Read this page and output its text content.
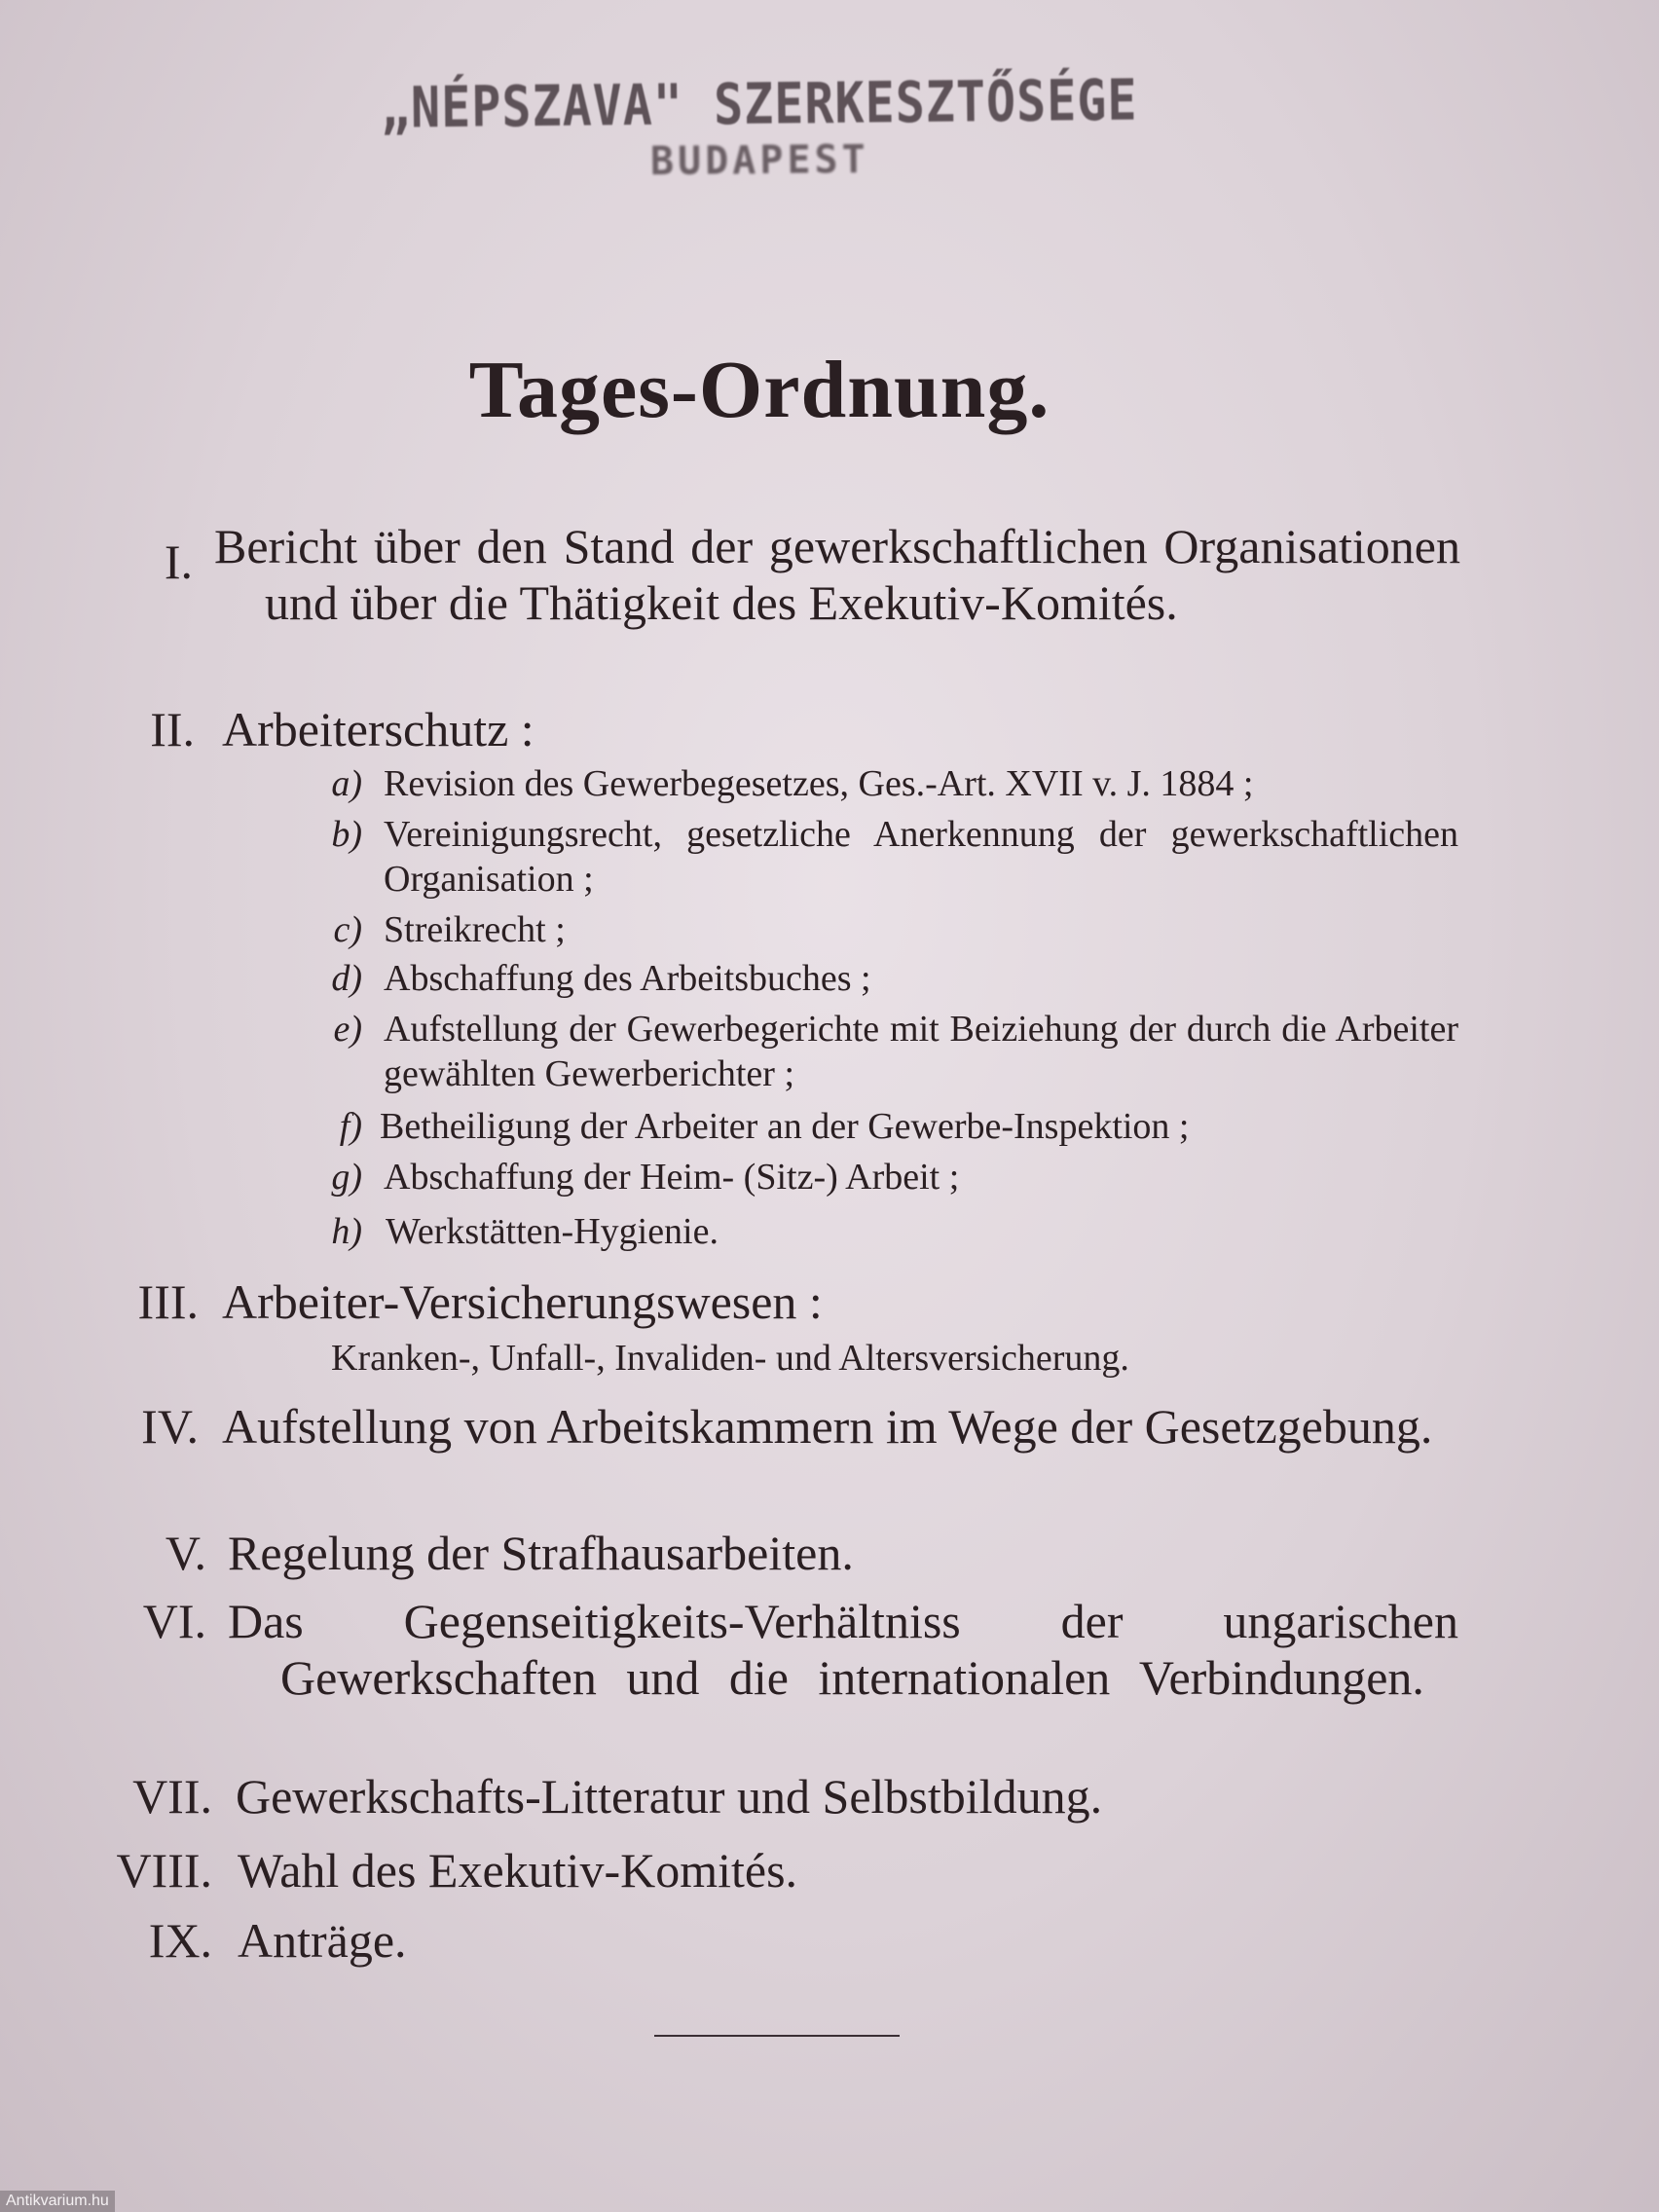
„NÉPSZAVA" SZERKESZTŐSÉGE
BUDAPEST
Tages-Ordnung.
I. Bericht über den Stand der gewerkschaftlichen Organisationen und über die Thätigkeit des Exekutiv-Komités.
II. Arbeiterschutz :
a) Revision des Gewerbegesetzes, Ges.-Art. XVII v. J. 1884 ;
b) Vereinigungsrecht, gesetzliche Anerkennung der gewerkschaftlichen Organisation ;
c) Streikrecht ;
d) Abschaffung des Arbeitsbuches ;
e) Aufstellung der Gewerbegerichte mit Beiziehung der durch die Arbeiter gewählten Gewerberichter ;
f) Betheiligung der Arbeiter an der Gewerbe-Inspektion ;
g) Abschaffung der Heim- (Sitz-) Arbeit ;
h) Werkstätten-Hygienie.
III. Arbeiter-Versicherungswesen :
Kranken-, Unfall-, Invaliden- und Altersversicherung.
IV. Aufstellung von Arbeitskammern im Wege der Gesetzgebung.
V. Regelung der Strafhausarbeiten.
VI. Das Gegenseitigkeits-Verhältniss der ungarischen Gewerkschaften und die internationalen Verbindungen.
VII. Gewerkschafts-Litteratur und Selbstbildung.
VIII. Wahl des Exekutiv-Komités.
IX. Anträge.
Antikvarium.hu
